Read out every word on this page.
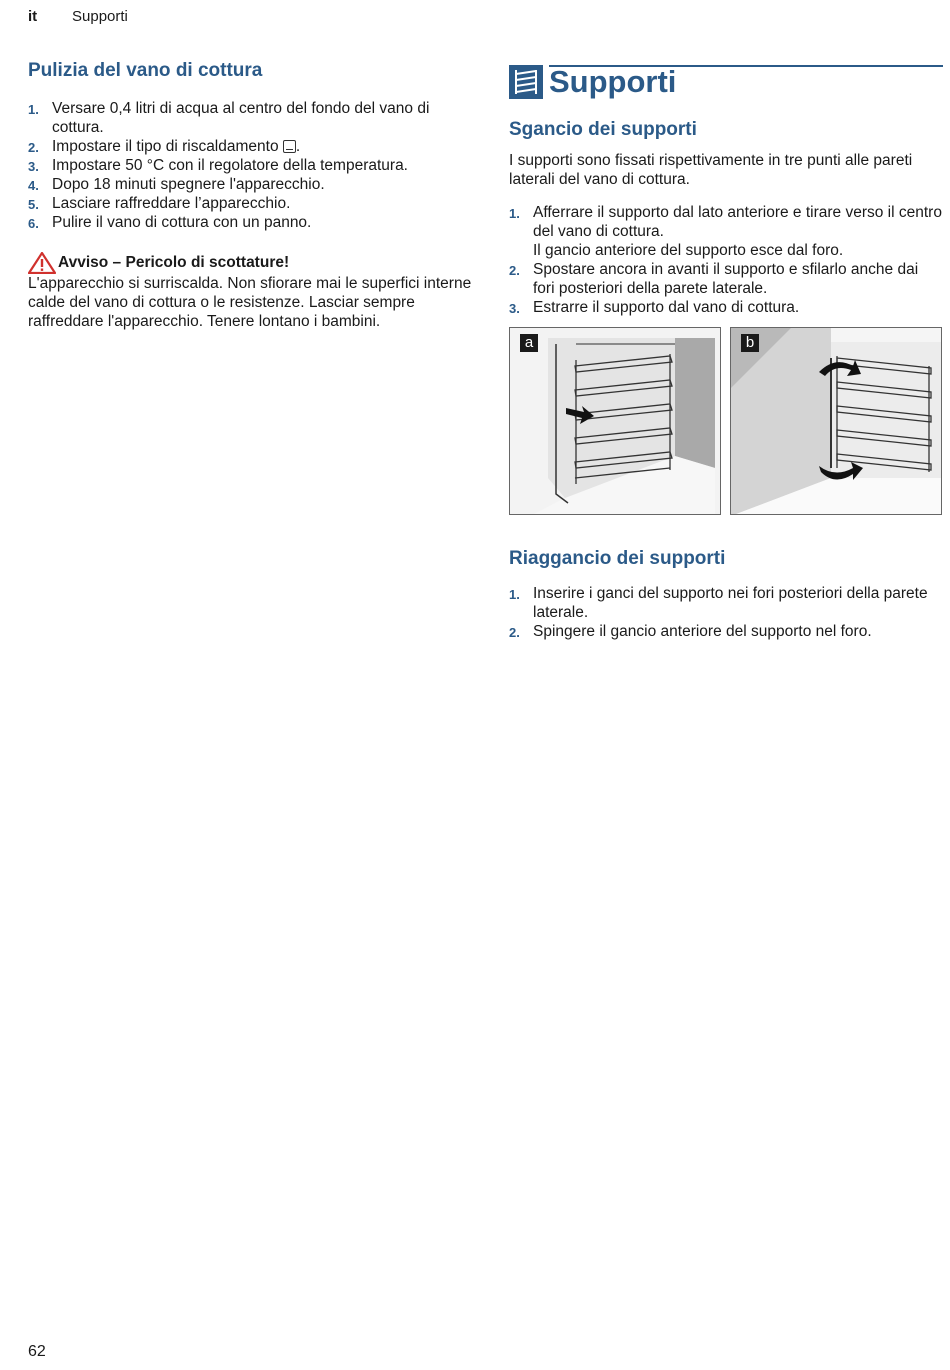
it	Supporti
Pulizia del vano di cottura
1. Versare 0,4 litri di acqua al centro del fondo del vano di cottura.
2. Impostare il tipo di riscaldamento .
3. Impostare 50 °C con il regolatore della temperatura.
4. Dopo 18 minuti spegnere l'apparecchio.
5. Lasciare raffreddare l’apparecchio.
6. Pulire il vano di cottura con un panno.
Avviso – Pericolo di scottature!
L'apparecchio si surriscalda. Non sfiorare mai le superfici interne calde del vano di cottura o le resistenze. Lasciar sempre raffreddare l'apparecchio. Tenere lontano i bambini.
Supporti
Sgancio dei supporti
I supporti sono fissati rispettivamente in tre punti alle pareti laterali del vano di cottura.
1. Afferrare il supporto dal lato anteriore e tirare verso il centro del vano di cottura.
Il gancio anteriore del supporto esce dal foro.
2. Spostare ancora in avanti il supporto e sfilarlo anche dai fori posteriori della parete laterale.
3. Estrarre il supporto dal vano di cottura.
a	b
Riaggancio dei supporti
1. Inserire i ganci del supporto nei fori posteriori della parete laterale.
2. Spingere il gancio anteriore del supporto nel foro.
62
